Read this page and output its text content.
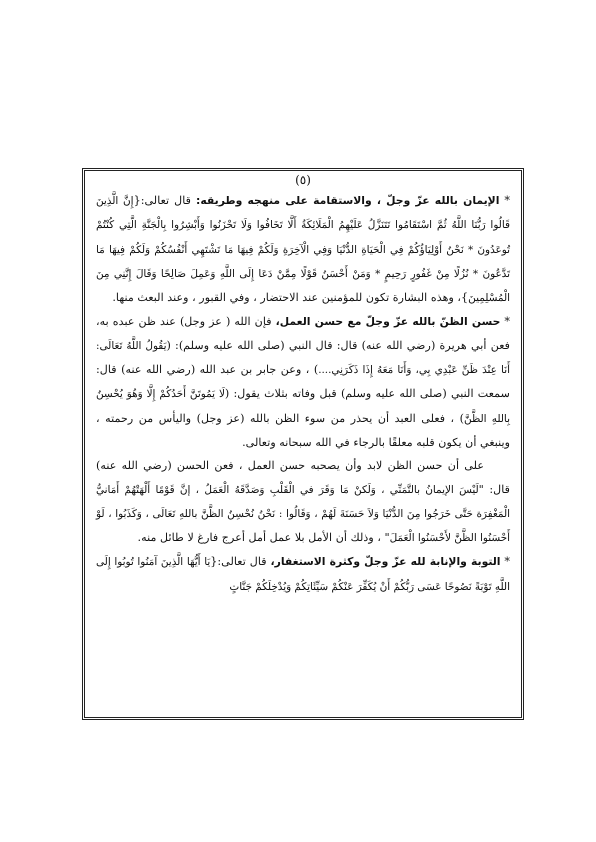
(٥)

* الإيمان بالله عزّ وجلّ ، والاستقامة على منهجه وطريقه: قال تعالى:{إِنَّ الَّذِينَ قَالُوا رَبُّنَا اللَّهُ ثُمَّ اسْتَقَامُوا تَتَنَزَّلُ عَلَيْهِمُ الْمَلَائِكَةُ أَلَّا تَخَافُوا وَلَا تَحْزَنُوا وَأَبْشِرُوا بِالْجَنَّةِ الَّتِي كُنْتُمْ تُوعَدُونَ * نَحْنُ أَوْلِيَاؤُكُمْ فِي الْحَيَاةِ الدُّنْيَا وَفِي الْآخِرَةِ وَلَكُمْ فِيهَا مَا تَشْتَهِي أَنْفُسُكُمْ وَلَكُمْ فِيهَا مَا تَدَّعُونَ * نُزُلًا مِنْ غَفُورٍ رَحِيمٍ * وَمَنْ أَحْسَنُ قَوْلًا مِمَّنْ دَعَا إِلَى اللَّهِ وَعَمِلَ صَالِحًا وَقَالَ إِنَّنِي مِنَ الْمُسْلِمِينَ}، وهذه البشارة تكون للمؤمنين عند الاحتضار ، وفي القبور ، وعند البعث منها.

* حسن الظنّ بالله عزّ وجلّ مع حسن العمل، فإن الله ( عز وجل) عند ظن عبده به، فعن أبي هريرة (رضي الله عنه) قال: قال النبي (صلى الله عليه وسلم): (يَقُولُ اللَّهُ تَعَالَى: أَنَا عِنْدَ ظَنِّ عَبْدِي بِي، وَأَنَا مَعَهُ إِذَا ذَكَرَنِي....) ، وعن جابر بن عبد الله (رضي الله عنه) قال: سمعت النبي (صلى الله عليه وسلم) قبل وفاته بثلاث يقول: (لَا يَمُوتَنَّ أَحَدُكُمْ إِلَّا وَهُوَ يُحْسِنُ بِاللهِ الظَّنَّ) ، فعلى العبد أن يحذر من سوء الظن بالله (عز وجل) واليأس من رحمته ، وينبغي أن يكون قلبه معلقًا بالرجاء في الله سبحانه وتعالى.

على أن حسن الظن لابد وأن يصحبه حسن العمل ، فعن الحسن (رضي الله عنه) قال: "لَيْسَ الإيمانُ بالتَّمَنِّي ، وَلَكنْ مَا وَقَرَ في الْقَلْبِ وَصَدَّقَهُ الْعَمَلُ ، إنَّ قَوْمًا أَلْهَتْهُمْ أَمَانيُّ الْمَغْفِرَة حَتَّى خَرَجُوا مِنَ الدُّنْيَا وَلاَ حَسَنَةَ لَهُمْ ، وَقَالُوا : نَحْنُ نُحْسِنُ الظَّنَّ باللهِ تَعَالَى ، وَكَذَبُوا ، لَوْ أَحْسَنُوا الظَّنَّ لأَحْسَنُوا الْعَمَلَ" ، وذلك أن الأمل بلا عمل أمل أعرج فارغ لا طائل منه.

* التوبة والإنابة لله عزّ وجلّ وكثرة الاستغفار، قال تعالى:{يَا أَيُّهَا الَّذِينَ آمَنُوا تُوبُوا إِلَى اللَّهِ تَوْبَةً نَصُوحًا عَسَى رَبُّكُمْ أَنْ يُكَفِّرَ عَنْكُمْ سَيِّئَاتِكُمْ وَيُدْخِلَكُمْ جَنَّاتٍ
